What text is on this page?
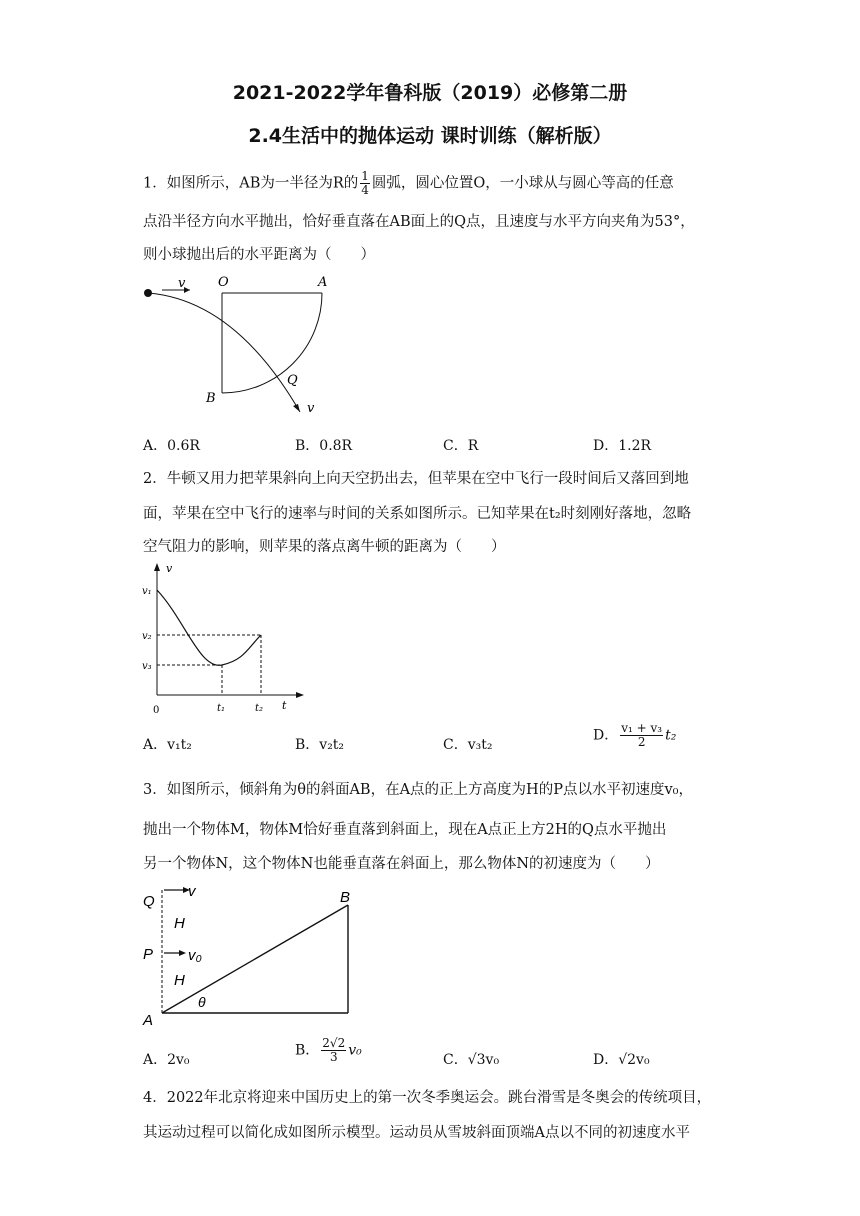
2021-2022学年鲁科版（2019）必修第二册
2.4生活中的抛体运动 课时训练（解析版）
1．如图所示，AB为一半径为R的 $\frac{1}{4}$ 圆弧，圆心位置O，一小球从与圆心等高的任意
点沿半径方向水平抛出，恰好垂直落在AB面上的Q点，且速度与水平方向夹角为53°，
则小球抛出后的水平距离为（　　）
v	O	A
B
Q
v
A．0.6R	B．0.8R	C．R	D．1.2R
2．牛顿又用力把苹果斜向上向天空扔出去，但苹果在空中飞行一段时间后又落回到地
面，苹果在空中飞行的速率与时间的关系如图所示。已知苹果在t₂时刻刚好落地，忽略
空气阻力的影响，则苹果的落点离牛顿的距离为（　　）
v
v₁
v₂
v₃
0	t₁	t₂ t
A．v₁t₂	B．v₂t₂	C．v₃t₂
D． $\frac{\text{v₁ + v₃}}{2} t_2$
3．如图所示，倾斜角为θ的斜面AB，在A点的正上方高度为H的P点以水平初速度v₀，
抛出一个物体M，物体M恰好垂直落到斜面上，现在A点正上方2H的Q点水平抛出
另一个物体N，这个物体N也能垂直落在斜面上，那么物体N的初速度为（　　）
Q
v	B
H
P v₀
H
θ
A
A．2v₀
B． $\frac{2√2}{3} v_0$
C．√3v₀	D．√2v₀
4．2022年北京将迎来中国历史上的第一次冬季奥运会。跳台滑雪是冬奥会的传统项目，
其运动过程可以简化成如图所示模型。运动员从雪坡斜面顶端A点以不同的初速度水平
